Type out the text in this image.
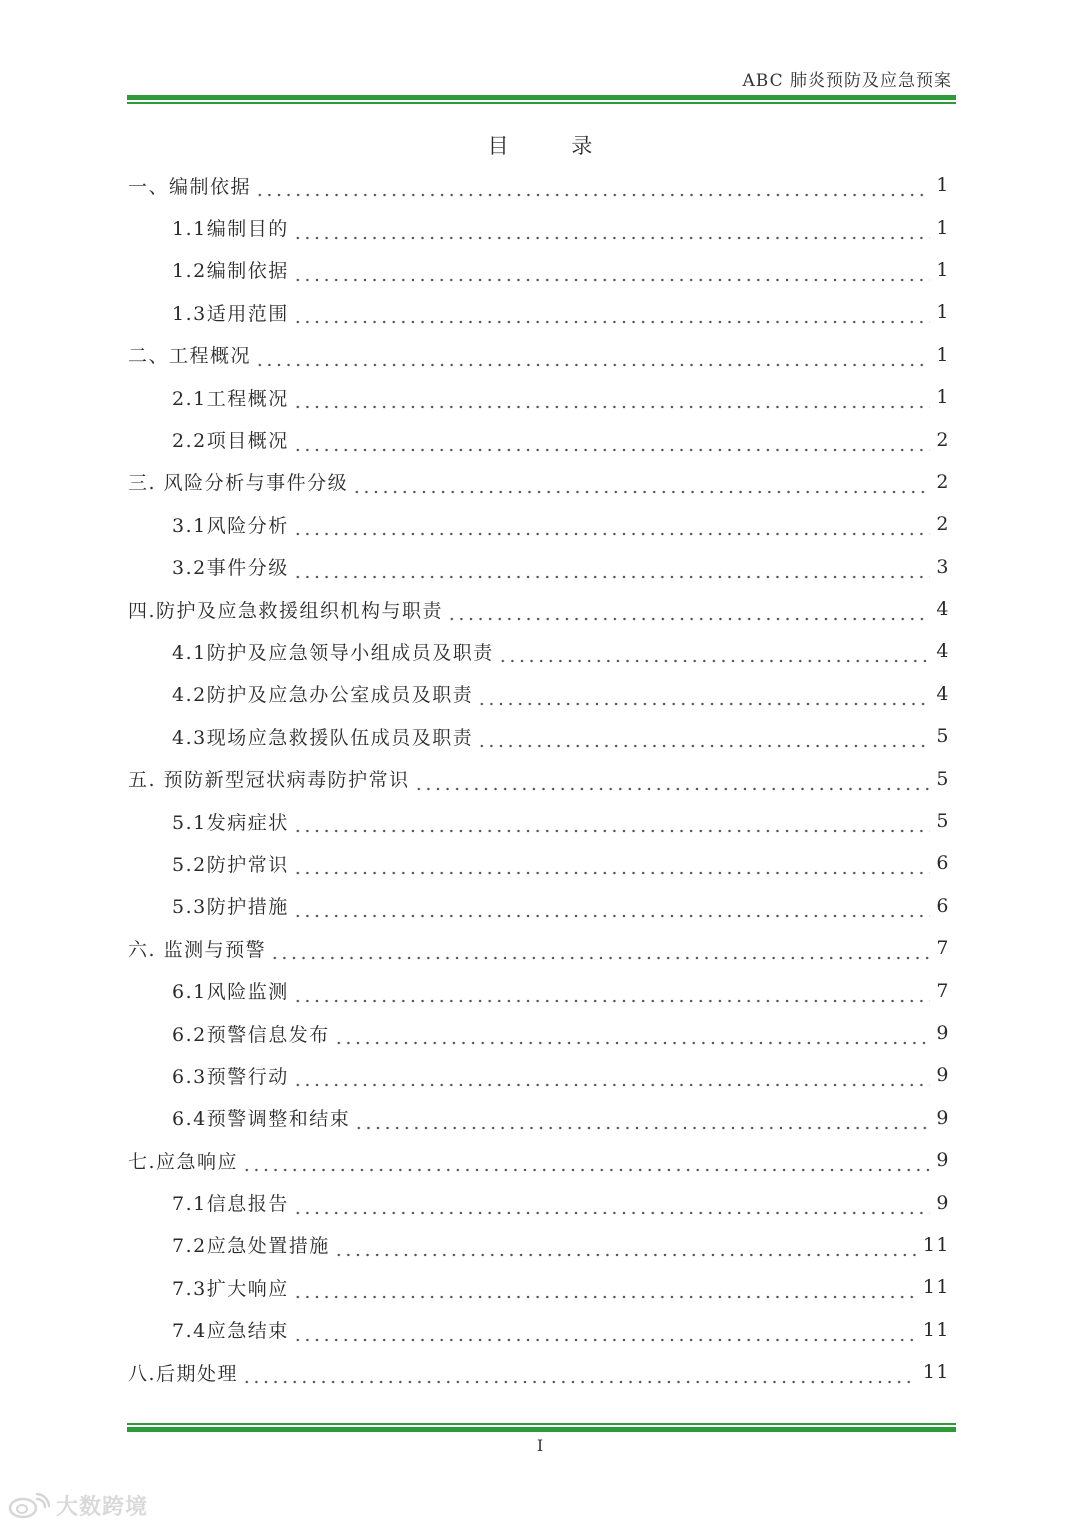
ABC 肺炎预防及应急预案
目 录
一、编制依据	1
1.1编制目的	1
1.2编制依据	1
1.3适用范围	1
二、工程概况	1
2.1工程概况	1
2.2项目概况	2
三. 风险分析与事件分级	2
3.1风险分析	2
3.2事件分级	3
四.防护及应急救援组织机构与职责	4
4.1防护及应急领导小组成员及职责	4
4.2防护及应急办公室成员及职责	4
4.3现场应急救援队伍成员及职责	5
五. 预防新型冠状病毒防护常识	5
5.1发病症状	5
5.2防护常识	6
5.3防护措施	6
六. 监测与预警	7
6.1风险监测	7
6.2预警信息发布	9
6.3预警行动	9
6.4预警调整和结束	9
七.应急响应	9
7.1信息报告	9
7.2应急处置措施	11
7.3扩大响应	11
7.4应急结束	11
八.后期处理	11
I
大数跨境
